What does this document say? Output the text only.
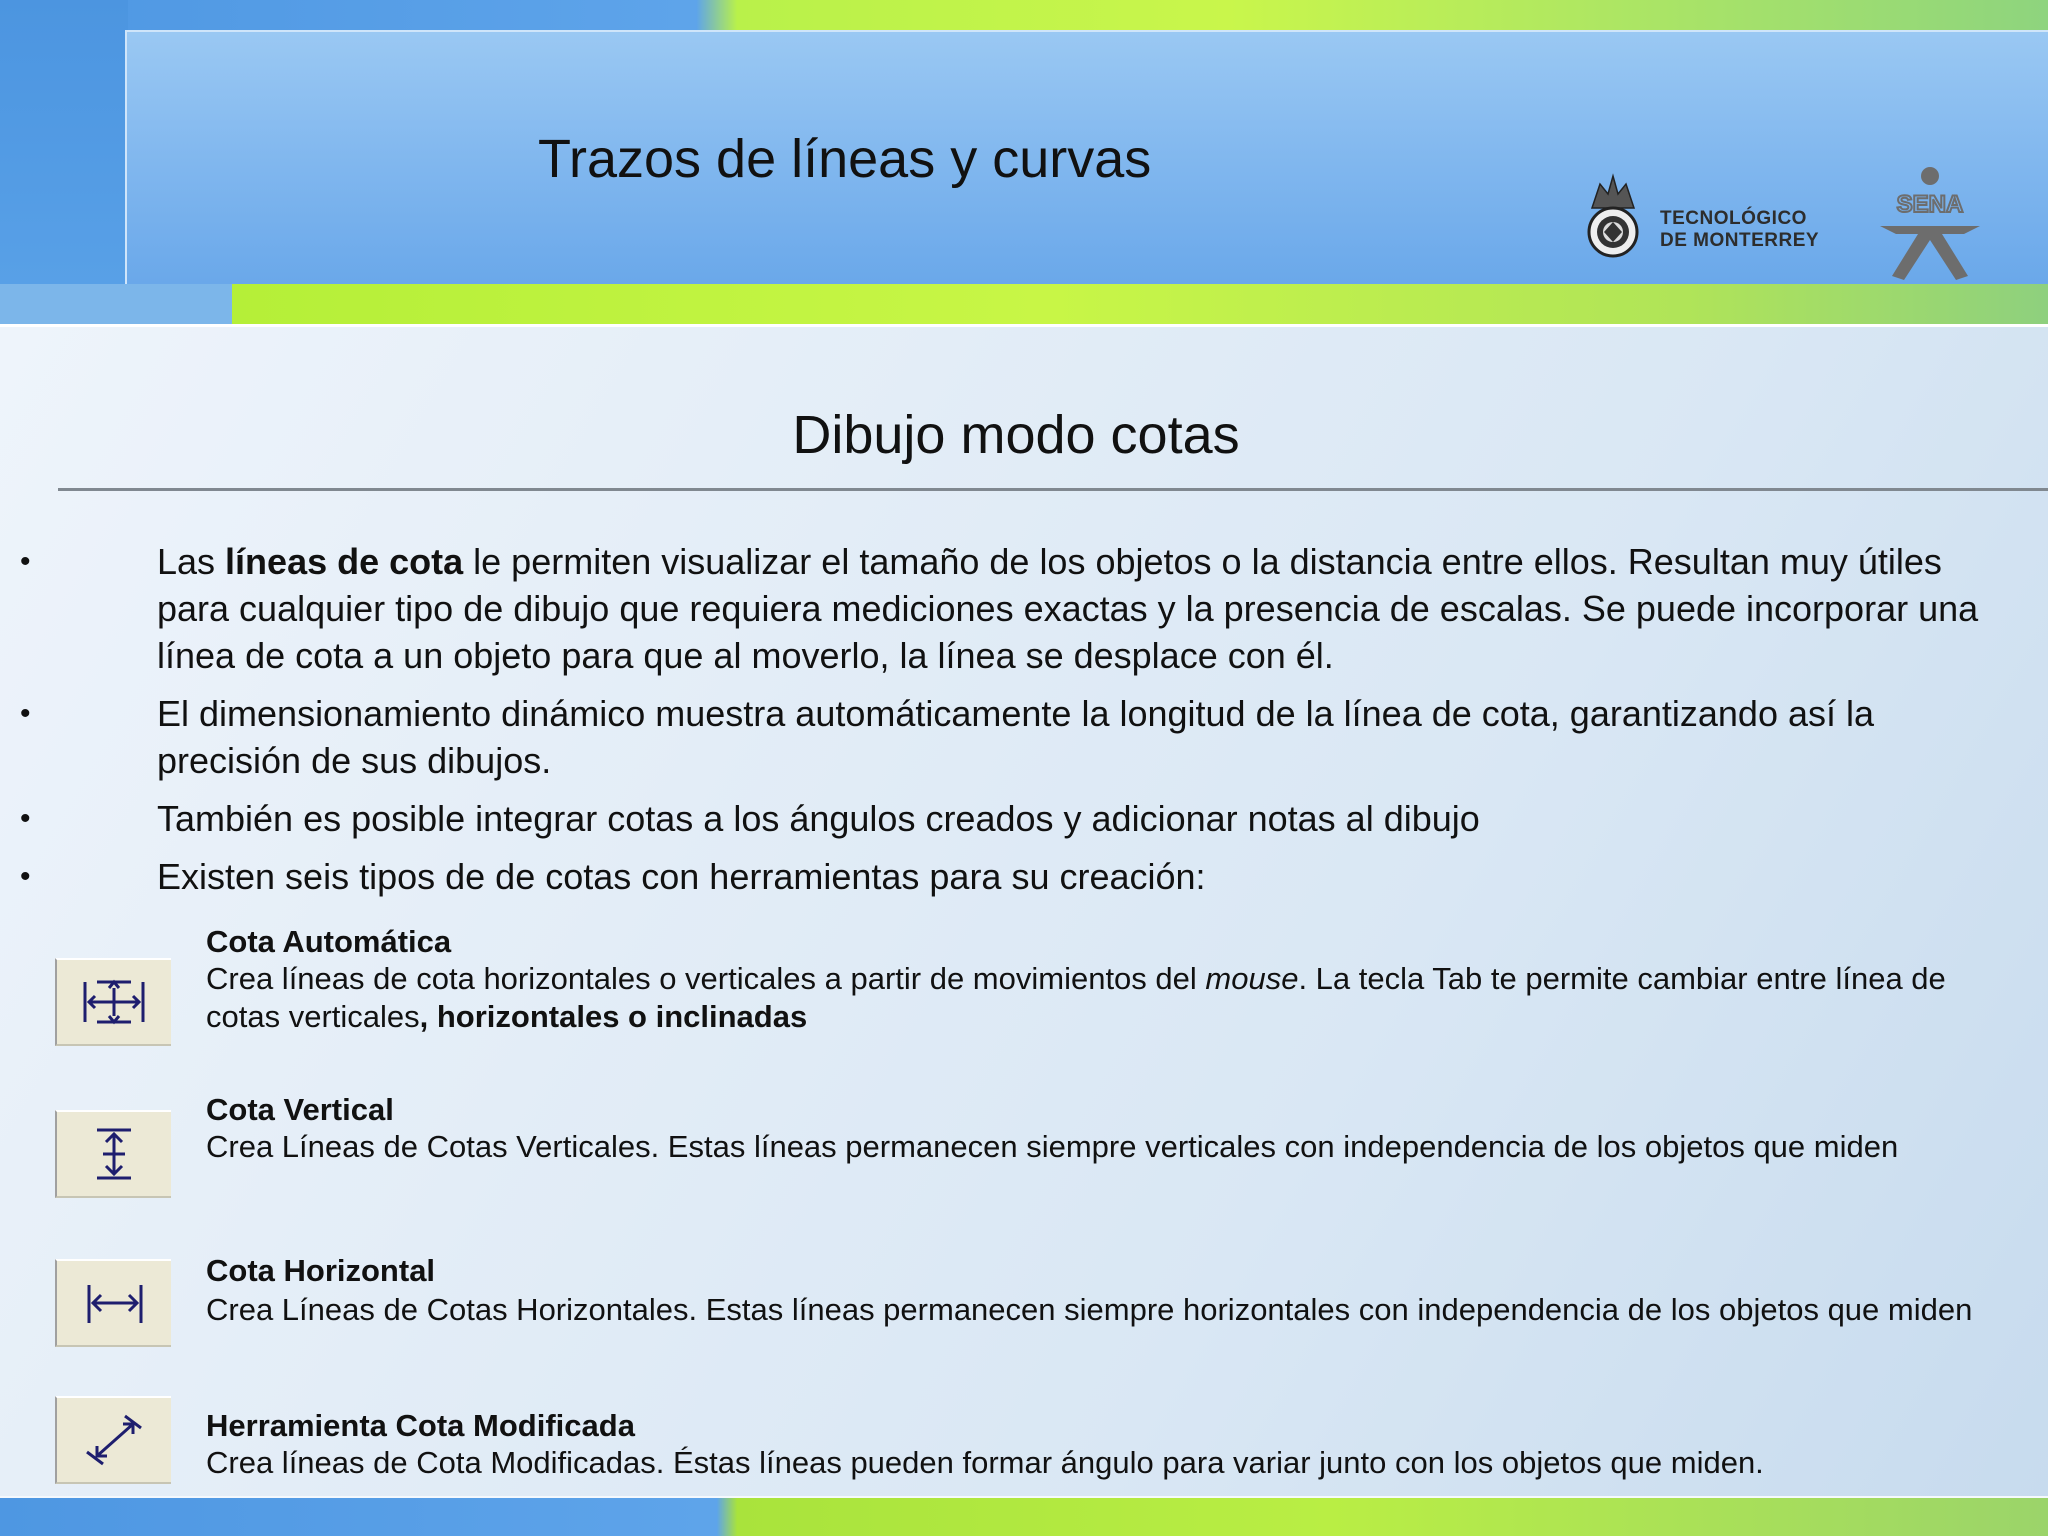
Trazos de líneas y curvas
TECNOLÓGICO
DE MONTERREY
SENA
Dibujo modo cotas
•	Las líneas de cota le permiten visualizar el tamaño de los objetos o la distancia entre ellos. Resultan muy útiles para cualquier tipo de dibujo que requiera mediciones exactas y la presencia de escalas. Se puede incorporar una línea de cota a un objeto para que al moverlo, la línea se desplace con él.
•	El dimensionamiento dinámico muestra automáticamente la longitud de la línea de cota, garantizando así la precisión de sus dibujos.
•	También es posible integrar cotas a los ángulos creados y adicionar notas al dibujo
•	Existen seis tipos de de cotas con herramientas para su creación:
Cota Automática
Crea líneas de cota horizontales o verticales a partir de movimientos del mouse. La tecla Tab te permite cambiar entre línea de cotas verticales, horizontales o inclinadas
Cota Vertical
Crea Líneas de Cotas Verticales. Estas líneas permanecen siempre verticales con independencia de los objetos que miden
Cota Horizontal
Crea Líneas de Cotas Horizontales. Estas líneas permanecen siempre horizontales con independencia de los objetos que miden
Herramienta Cota Modificada
Crea líneas de Cota Modificadas. Éstas líneas pueden formar ángulo para variar junto con los objetos que miden.
